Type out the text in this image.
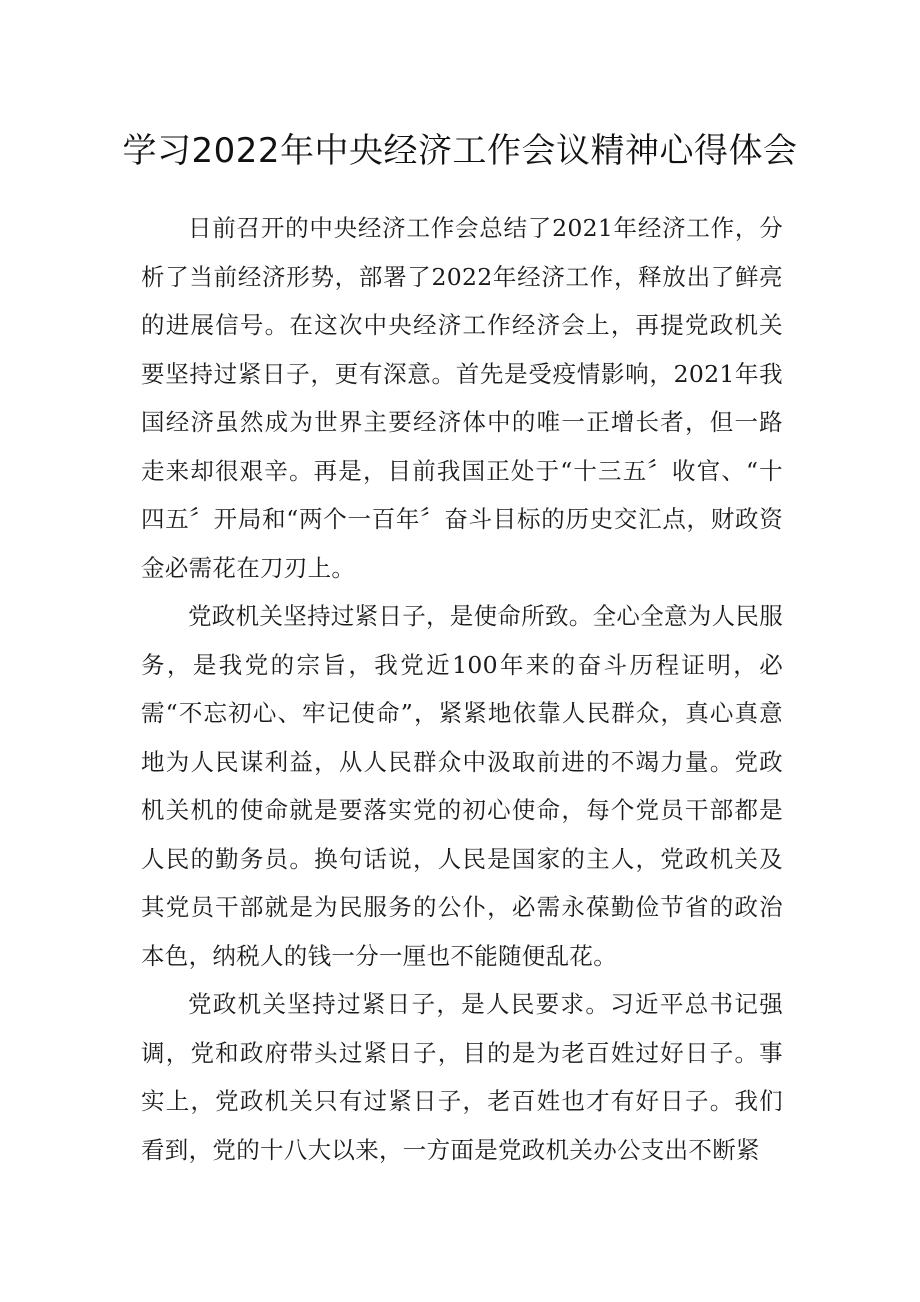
学习2022年中央经济工作会议精神心得体会

日前召开的中央经济工作会总结了2021年经济工作，分析了当前经济形势，部署了2022年经济工作，释放出了鲜亮的进展信号。在这次中央经济工作经济会上，再提党政机关要坚持过紧日子，更有深意。首先是受疫情影响，2021年我国经济虽然成为世界主要经济体中的唯一正增长者，但一路走来却很艰辛。再是，目前我国正处于“十三五〞收官、“十四五〞开局和“两个一百年〞奋斗目标的历史交汇点，财政资金必需花在刀刃上。

党政机关坚持过紧日子，是使命所致。全心全意为人民服务，是我党的宗旨，我党近100年来的奋斗历程证明，必需“不忘初心、牢记使命”，紧紧地依靠人民群众，真心真意地为人民谋利益，从人民群众中汲取前进的不竭力量。党政机关机的使命就是要落实党的初心使命，每个党员干部都是人民的勤务员。换句话说，人民是国家的主人，党政机关及其党员干部就是为民服务的公仆，必需永葆勤俭节省的政治本色，纳税人的钱一分一厘也不能随便乱花。

党政机关坚持过紧日子，是人民要求。习近平总书记强调，党和政府带头过紧日子，目的是为老百姓过好日子。事实上，党政机关只有过紧日子，老百姓也才有好日子。我们看到，党的十八大以来，一方面是党政机关办公支出不断紧
